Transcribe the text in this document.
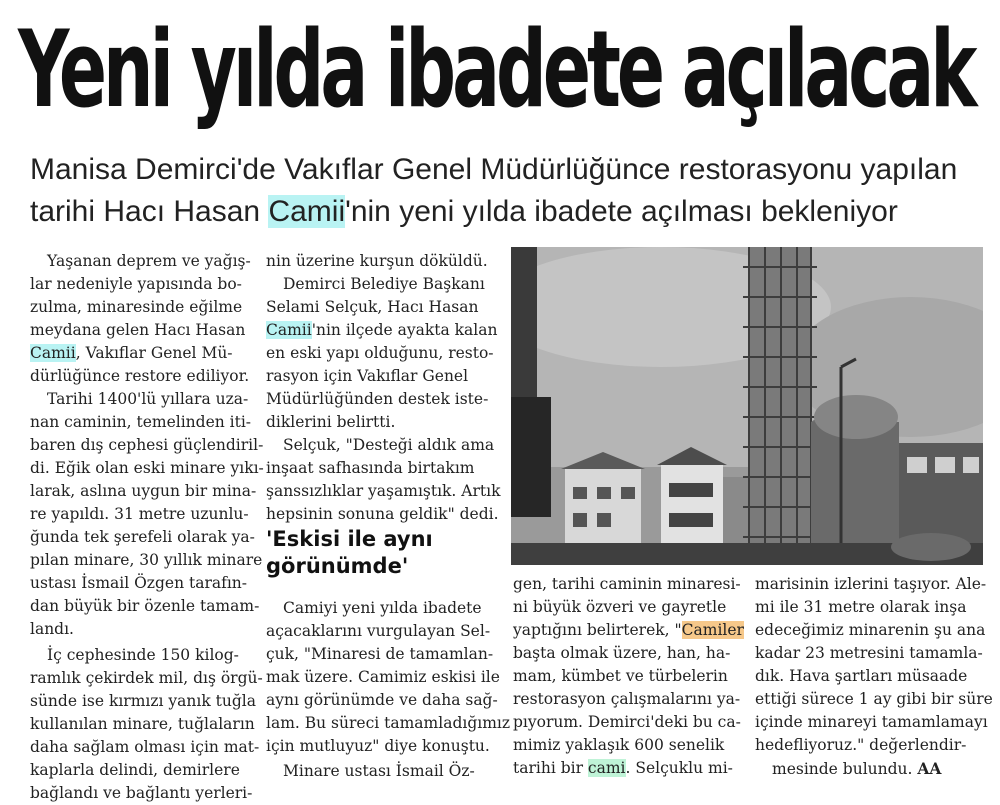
Yeni yılda ibadete açılacak
Manisa Demirci'de Vakıflar Genel Müdürlüğünce restorasyonu yapılan
tarihi Hacı Hasan Camii'nin yeni yılda ibadete açılması bekleniyor
Yaşanan deprem ve yağış-
lar nedeniyle yapısında bo-
zulma, minaresinde eğilme
meydana gelen Hacı Hasan
Camii, Vakıflar Genel Mü-
dürlüğünce restore ediliyor.
Tarihi 1400'lü yıllara uza-
nan caminin, temelinden iti-
baren dış cephesi güçlendiril-
di. Eğik olan eski minare yıkı-
larak, aslına uygun bir mina-
re yapıldı. 31 metre uzunlu-
ğunda tek şerefeli olarak ya-
pılan minare, 30 yıllık minare
ustası İsmail Özgen tarafın-
dan büyük bir özenle tamam-
landı.
İç cephesinde 150 kilog-
ramlık çekirdek mil, dış örgü-
sünde ise kırmızı yanık tuğla
kullanılan minare, tuğlaların
daha sağlam olması için mat-
kaplarla delindi, demirlere
bağlandı ve bağlantı yerleri-
nin üzerine kurşun döküldü.
Demirci Belediye Başkanı
Selami Selçuk, Hacı Hasan
Camii'nin ilçede ayakta kalan
en eski yapı olduğunu, resto-
rasyon için Vakıflar Genel
Müdürlüğünden destek iste-
diklerini belirtti.
Selçuk, "Desteği aldık ama
inşaat safhasında birtakım
şanssızlıklar yaşamıştık. Artık
hepsinin sonuna geldik" dedi.
'Eskisi ile aynı
görünümde'
Camiyi yeni yılda ibadete
açacaklarını vurgulayan Sel-
çuk, "Minaresi de tamamlan-
mak üzere. Camimiz eskisi ile
aynı görünümde ve daha sağ-
lam. Bu süreci tamamladığımız
için mutluyuz" diye konuştu.
Minare ustası İsmail Öz-
gen, tarihi caminin minaresi-
ni büyük özveri ve gayretle
yaptığını belirterek, "Camiler
başta olmak üzere, han, ha-
mam, kümbet ve türbelerin
restorasyon çalışmalarını ya-
pıyorum. Demirci'deki bu ca-
mimiz yaklaşık 600 senelik
tarihi bir cami. Selçuklu mi-
marisinin izlerini taşıyor. Ale-
mi ile 31 metre olarak inşa
edeceğimiz minarenin şu ana
kadar 23 metresini tamamla-
dık. Hava şartları müsaade
ettiği sürece 1 ay gibi bir süre
içinde minareyi tamamlamayı
hedefliyoruz." değerlendir-
mesinde bulundu. AA
